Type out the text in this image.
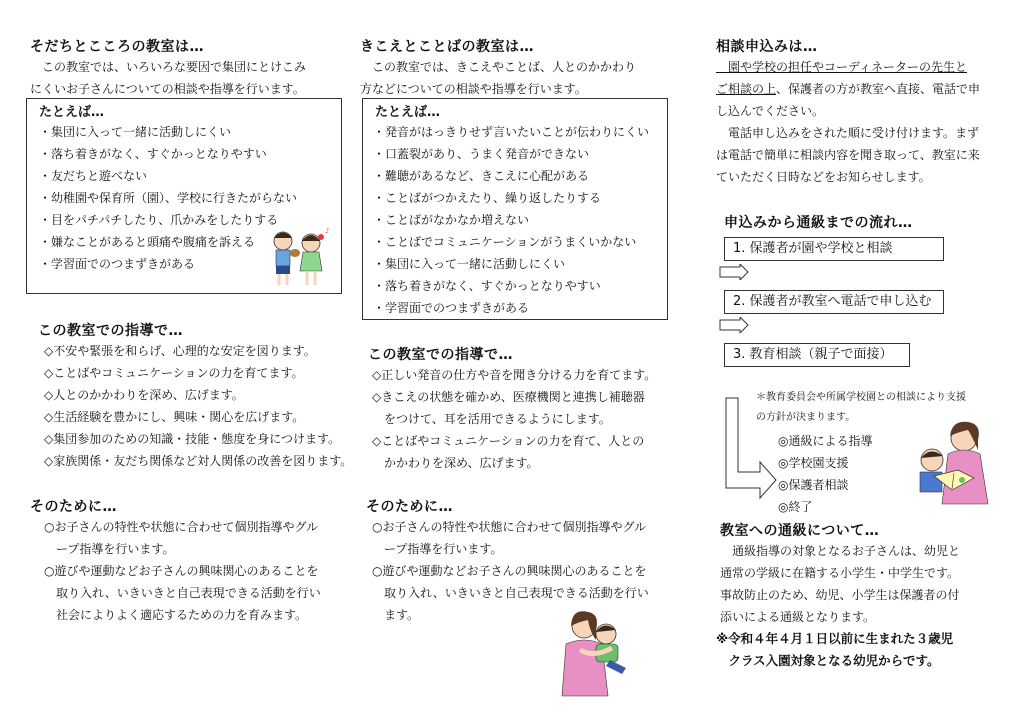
そだちとこころの教室は…
　この教室では、いろいろな要因で集団にとけこみ
にくいお子さんについての相談や指導を行います。
たとえば…
・集団に入って一緒に活動しにくい
・落ち着きがなく、すぐかっとなりやすい
・友だちと遊べない
・幼稚園や保育所（園）、学校に行きたがらない
・目をパチパチしたり、爪かみをしたりする
・嫌なことがあると頭痛や腹痛を訴える
・学習面でのつまずきがある
♪
この教室での指導で…
◇不安や緊張を和らげ、心理的な安定を図ります。
◇ことばやコミュニケーションの力を育てます。
◇人とのかかわりを深め、広げます。
◇生活経験を豊かにし、興味・関心を広げます。
◇集団参加のための知識・技能・態度を身につけます。
◇家族関係・友だち関係など対人関係の改善を図ります。
そのために…
○お子さんの特性や状態に合わせて個別指導やグル
　ープ指導を行います。
○遊びや運動などお子さんの興味関心のあることを
　取り入れ、いきいきと自己表現できる活動を行い
　社会によりよく適応するための力を育みます。
きこえとことばの教室は…
　この教室では、きこえやことば、人とのかかわり
方などについての相談や指導を行います。
たとえば…
・発音がはっきりせず言いたいことが伝わりにくい
・口蓋裂があり、うまく発音ができない
・難聴があるなど、きこえに心配がある
・ことばがつかえたり、繰り返したりする
・ことばがなかなか増えない
・ことばでコミュニケーションがうまくいかない
・集団に入って一緒に活動しにくい
・落ち着きがなく、すぐかっとなりやすい
・学習面でのつまずきがある
この教室での指導で…
◇正しい発音の仕方や音を聞き分ける力を育てます。
◇きこえの状態を確かめ、医療機関と連携し補聴器
　をつけて、耳を活用できるようにします。
◇ことばやコミュニケーションの力を育て、人との
　かかわりを深め、広げます。
そのために…
○お子さんの特性や状態に合わせて個別指導やグル
　ープ指導を行います。
○遊びや運動などお子さんの興味関心のあることを
　取り入れ、いきいきと自己表現できる活動を行い
　ます。
相談申込みは…
　園や学校の担任やコーディネーターの先生と
ご相談の上、保護者の方が教室へ直接、電話で申
し込んでください。
　電話申し込みをされた順に受け付けます。まず
は電話で簡単に相談内容を聞き取って、教室に来
ていただく日時などをお知らせします。
申込みから通級までの流れ…
1. 保護者が園や学校と相談
2. 保護者が教室へ電話で申し込む
3. 教育相談（親子で面接）
＊教育委員会や所属学校園との相談により支援
の方針が決まります。
◎通級による指導
◎学校園支援
◎保護者相談
◎終了
教室への通級について…
　通級指導の対象となるお子さんは、幼児と
通常の学級に在籍する小学生・中学生です。
事故防止のため、幼児、小学生は保護者の付
添いによる通級となります。
※令和４年４月１日以前に生まれた３歳児
　クラス入園対象となる幼児からです。
